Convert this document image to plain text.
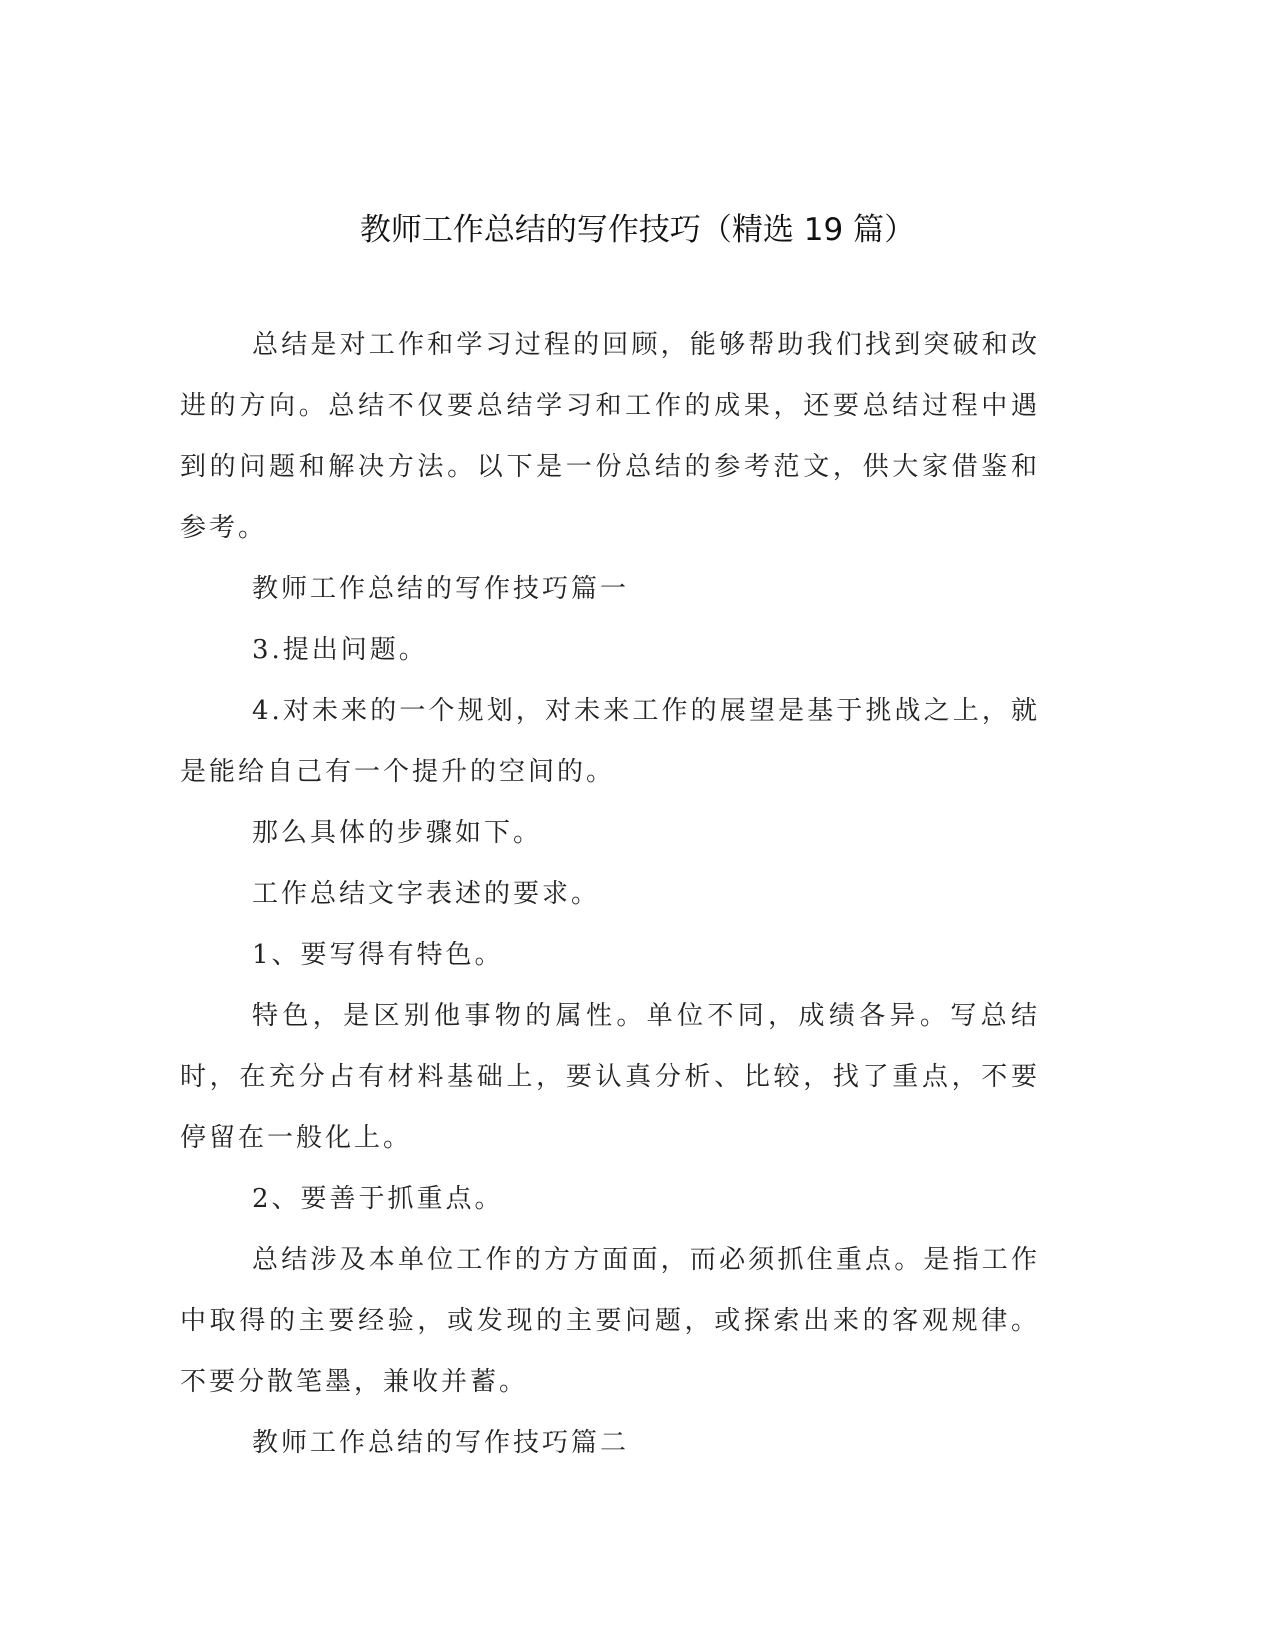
教师工作总结的写作技巧（精选 19 篇）

总结是对工作和学习过程的回顾，能够帮助我们找到突破和改进的方向。总结不仅要总结学习和工作的成果，还要总结过程中遇到的问题和解决方法。以下是一份总结的参考范文，供大家借鉴和参考。

教师工作总结的写作技巧篇一

3.提出问题。

4.对未来的一个规划，对未来工作的展望是基于挑战之上，就是能给自己有一个提升的空间的。

那么具体的步骤如下。

工作总结文字表述的要求。

1、要写得有特色。

特色，是区别他事物的属性。单位不同，成绩各异。写总结时，在充分占有材料基础上，要认真分析、比较，找了重点，不要停留在一般化上。

2、要善于抓重点。

总结涉及本单位工作的方方面面，而必须抓住重点。是指工作中取得的主要经验，或发现的主要问题，或探索出来的客观规律。不要分散笔墨，兼收并蓄。

教师工作总结的写作技巧篇二
